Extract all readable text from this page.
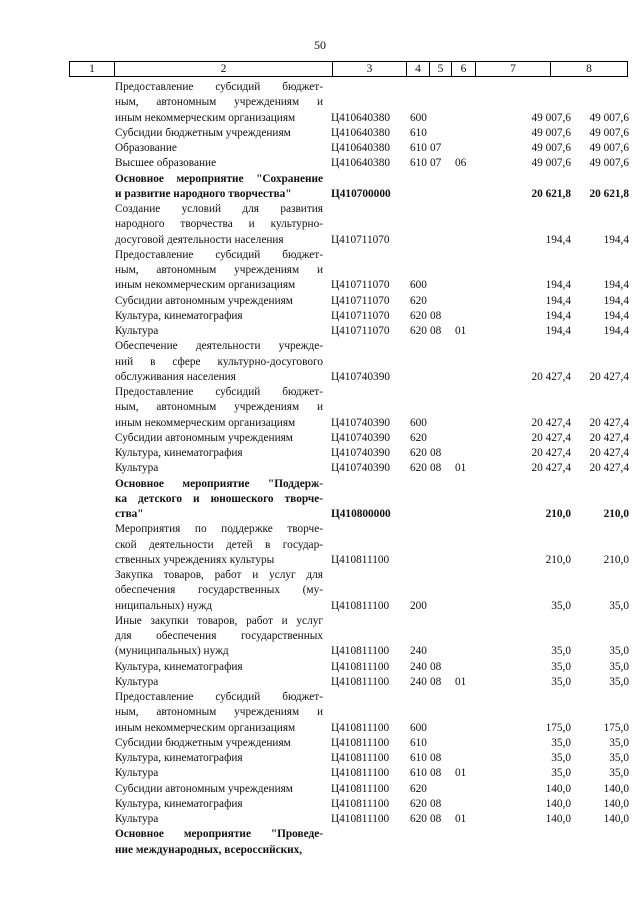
50
1	2	3	4	5	6	7	8
Предоставление субсидий бюджет-
ным, автономным учреждениям и
иным некоммерческим организациям	Ц410640380 600	49 007,6	49 007,6
Субсидии бюджетным учреждениям	Ц410640380 610	49 007,6	49 007,6
Образование	Ц410640380 610 07	49 007,6	49 007,6
Высшее образование	Ц410640380 610 07 06	49 007,6	49 007,6
Основное мероприятие "Сохранение
и развитие народного творчества"	Ц410700000	20 621,8	20 621,8
Создание условий для развития
народного творчества и культурно-
досуговой деятельности населения	Ц410711070	194,4	194,4
Предоставление субсидий бюджет-
ным, автономным учреждениям и
иным некоммерческим организациям	Ц410711070 600	194,4	194,4
Субсидии автономным учреждениям	Ц410711070 620	194,4	194,4
Культура, кинематография	Ц410711070 620 08	194,4	194,4
Культура	Ц410711070 620 08 01	194,4	194,4
Обеспечение деятельности учрежде-
ний в сфере культурно-досугового
обслуживания населения	Ц410740390	20 427,4	20 427,4
Предоставление субсидий бюджет-
ным, автономным учреждениям и
иным некоммерческим организациям	Ц410740390 600	20 427,4	20 427,4
Субсидии автономным учреждениям	Ц410740390 620	20 427,4	20 427,4
Культура, кинематография	Ц410740390 620 08	20 427,4	20 427,4
Культура	Ц410740390 620 08 01	20 427,4	20 427,4
Основное мероприятие "Поддерж-
ка детского и юношеского творче-
ства"	Ц410800000	210,0	210,0
Мероприятия по поддержке творче-
ской деятельности детей в государ-
ственных учреждениях культуры	Ц410811100	210,0	210,0
Закупка товаров, работ и услуг для
обеспечения государственных (му-
ниципальных) нужд	Ц410811100 200	35,0	35,0
Иные закупки товаров, работ и услуг
для обеспечения государственных
(муниципальных) нужд	Ц410811100 240	35,0	35,0
Культура, кинематография	Ц410811100 240 08	35,0	35,0
Культура	Ц410811100 240 08 01	35,0	35,0
Предоставление субсидий бюджет-
ным, автономным учреждениям и
иным некоммерческим организациям	Ц410811100 600	175,0	175,0
Субсидии бюджетным учреждениям	Ц410811100 610	35,0	35,0
Культура, кинематография	Ц410811100 610 08	35,0	35,0
Культура	Ц410811100 610 08 01	35,0	35,0
Субсидии автономным учреждениям	Ц410811100 620	140,0	140,0
Культура, кинематография	Ц410811100 620 08	140,0	140,0
Культура	Ц410811100 620 08 01	140,0	140,0
Основное мероприятие "Проведе-
ние международных, всероссийских,
